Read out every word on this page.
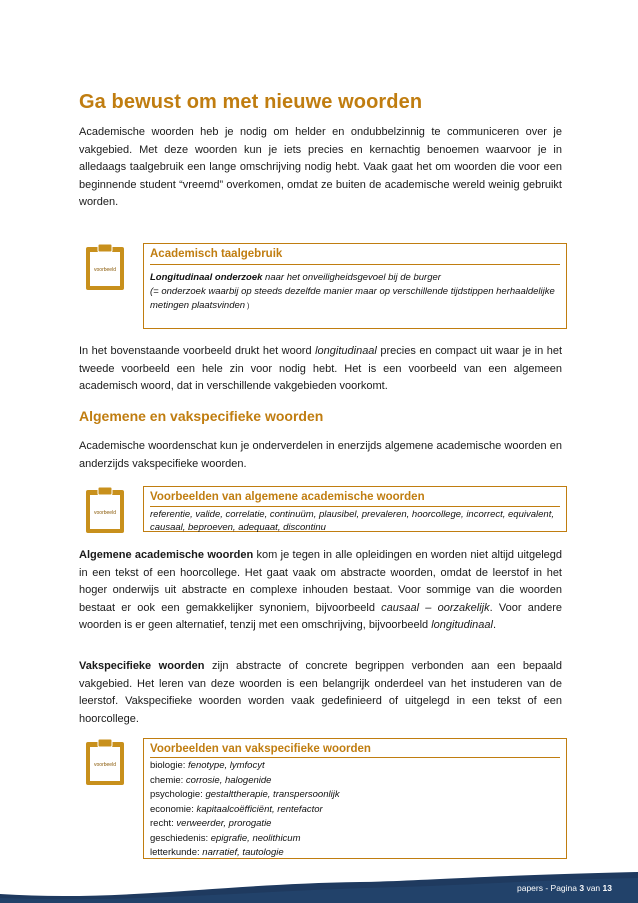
Ga bewust om met nieuwe woorden

Academische woorden heb je nodig om helder en ondubbelzinnig te communiceren over je vakgebied. Met deze woorden kun je iets precies en kernachtig benoemen waarvoor je in alledaags taalgebruik een lange omschrijving nodig hebt. Vaak gaat het om woorden die voor een beginnende student “vreemd” overkomen, omdat ze buiten de academische wereld weinig gebruikt worden.

voorbeeld
Academisch taalgebruik
Longitudinaal onderzoek naar het onveiligheidsgevoel bij de burger
(= onderzoek waarbij op steeds dezelfde manier maar op verschillende tijdstippen herhaaldelijke metingen plaatsvinden )

In het bovenstaande voorbeeld drukt het woord longitudinaal precies en compact uit waar je in het tweede voorbeeld een hele zin voor nodig hebt. Het is een voorbeeld van een algemeen academisch woord, dat in verschillende vakgebieden voorkomt.

Algemene en vakspecifieke woorden

Academische woordenschat kun je onderverdelen in enerzijds algemene academische woorden en anderzijds vakspecifieke woorden.

voorbeeld
Voorbeelden van algemene academische woorden
referentie, valide, correlatie, continuüm, plausibel, prevaleren, hoorcollege, incorrect, equivalent, causaal, beproeven, adequaat, discontinu

Algemene academische woorden kom je tegen in alle opleidingen en worden niet altijd uitgelegd in een tekst of een hoorcollege. Het gaat vaak om abstracte woorden, omdat de leerstof in het hoger onderwijs uit abstracte en complexe inhouden bestaat. Voor sommige van die woorden bestaat er ook een gemakkelijker synoniem, bijvoorbeeld causaal – oorzakelijk. Voor andere woorden is er geen alternatief, tenzij met een omschrijving, bijvoorbeeld longitudinaal.

Vakspecifieke woorden zijn abstracte of concrete begrippen verbonden aan een bepaald vakgebied. Het leren van deze woorden is een belangrijk onderdeel van het instuderen van de leerstof. Vakspecifieke woorden worden vaak gedefinieerd of uitgelegd in een tekst of een hoorcollege.

voorbeeld
Voorbeelden van vakspecifieke woorden
biologie: fenotype, lymfocyt
chemie: corrosie, halogenide
psychologie: gestalttherapie, transpersoonlijk
economie: kapitaalcoëfficiënt, rentefactor
recht: verweerder, prorogatie
geschiedenis: epigrafie, neolithicum
letterkunde: narratief, tautologie
papers - Pagina 3 van 13
